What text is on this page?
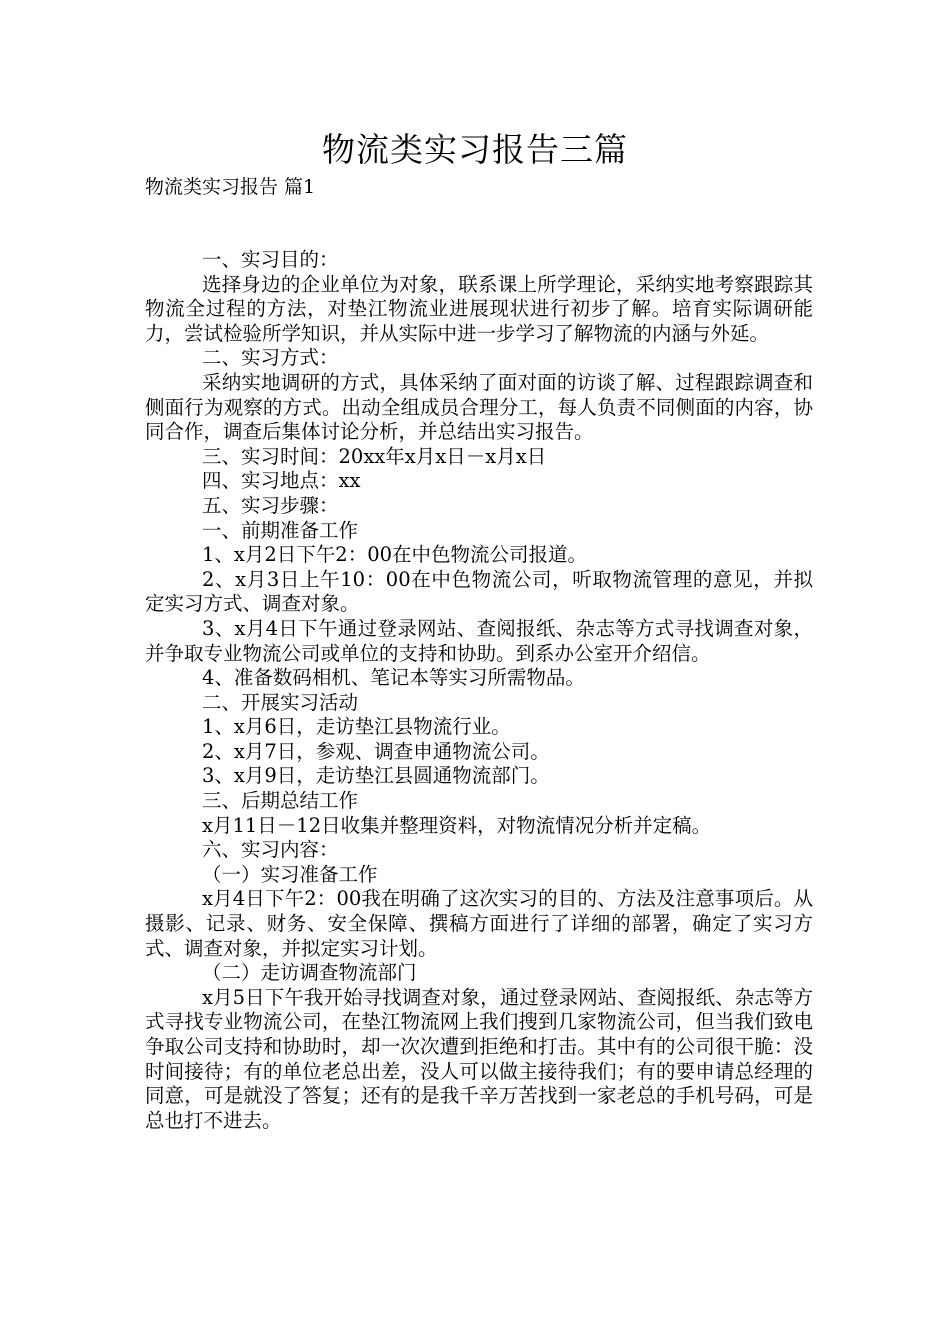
物流类实习报告三篇
物流类实习报告 篇1

一、实习目的：

选择身边的企业单位为对象，联系课上所学理论，采纳实地考察跟踪其物流全过程的方法，对垫江物流业进展现状进行初步了解。培育实际调研能力，尝试检验所学知识，并从实际中进一步学习了解物流的内涵与外延。

二、实习方式：

采纳实地调研的方式，具体采纳了面对面的访谈了解、过程跟踪调查和侧面行为观察的方式。出动全组成员合理分工，每人负责不同侧面的内容，协同合作，调查后集体讨论分析，并总结出实习报告。

三、实习时间：20xx年x月x日－x月x日

四、实习地点：xx

五、实习步骤：

一、前期准备工作

1、x月2日下午2：00在中色物流公司报道。

2、x月3日上午10：00在中色物流公司，听取物流管理的意见，并拟定实习方式、调查对象。

3、x月4日下午通过登录网站、查阅报纸、杂志等方式寻找调查对象，并争取专业物流公司或单位的支持和协助。到系办公室开介绍信。

4、准备数码相机、笔记本等实习所需物品。

二、开展实习活动

1、x月6日，走访垫江县物流行业。

2、x月7日，参观、调查申通物流公司。

3、x月9日，走访垫江县圆通物流部门。

三、后期总结工作

x月11日－12日收集并整理资料，对物流情况分析并定稿。

六、实习内容：

（一）实习准备工作

x月4日下午2：00我在明确了这次实习的目的、方法及注意事项后。从摄影、记录、财务、安全保障、撰稿方面进行了详细的部署，确定了实习方式、调查对象，并拟定实习计划。

（二）走访调查物流部门

x月5日下午我开始寻找调查对象，通过登录网站、查阅报纸、杂志等方式寻找专业物流公司，在垫江物流网上我们搜到几家物流公司，但当我们致电争取公司支持和协助时，却一次次遭到拒绝和打击。其中有的公司很干脆：没时间接待；有的单位老总出差，没人可以做主接待我们；有的要申请总经理的同意，可是就没了答复；还有的是我千辛万苦找到一家老总的手机号码，可是总也打不进去。
